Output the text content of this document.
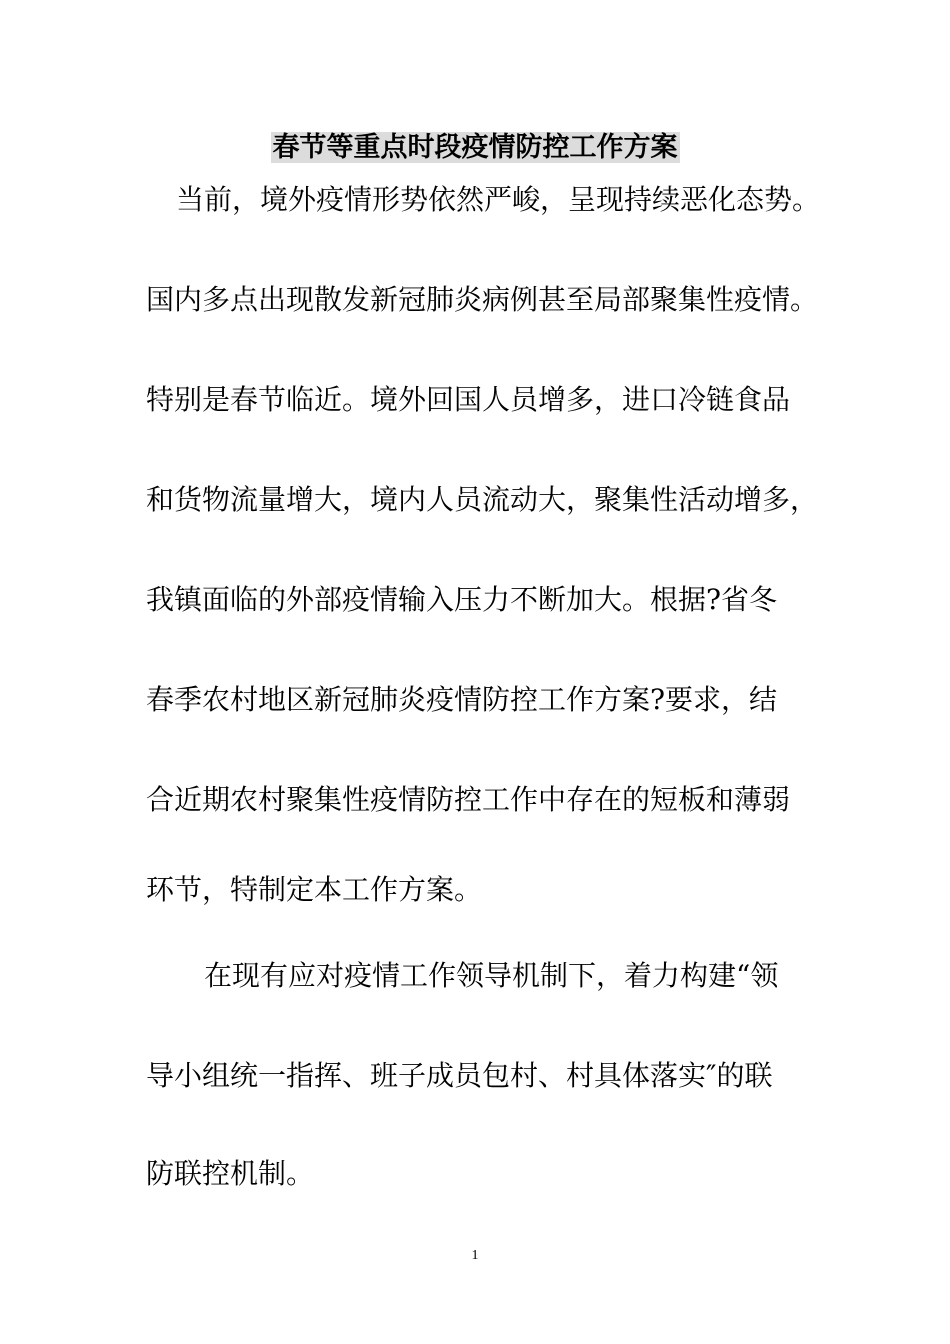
春节等重点时段疫情防控工作方案
当前，境外疫情形势依然严峻，呈现持续恶化态势。
国内多点出现散发新冠肺炎病例甚至局部聚集性疫情。
特别是春节临近。境外回国人员增多，进口冷链食品
和货物流量增大，境内人员流动大，聚集性活动增多，
我镇面临的外部疫情输入压力不断加大。根据?省冬
春季农村地区新冠肺炎疫情防控工作方案?要求，结
合近期农村聚集性疫情防控工作中存在的短板和薄弱
环节，特制定本工作方案。
在现有应对疫情工作领导机制下，着力构建“领
导小组统一指挥、班子成员包村、村具体落实″的联
防联控机制。
1
